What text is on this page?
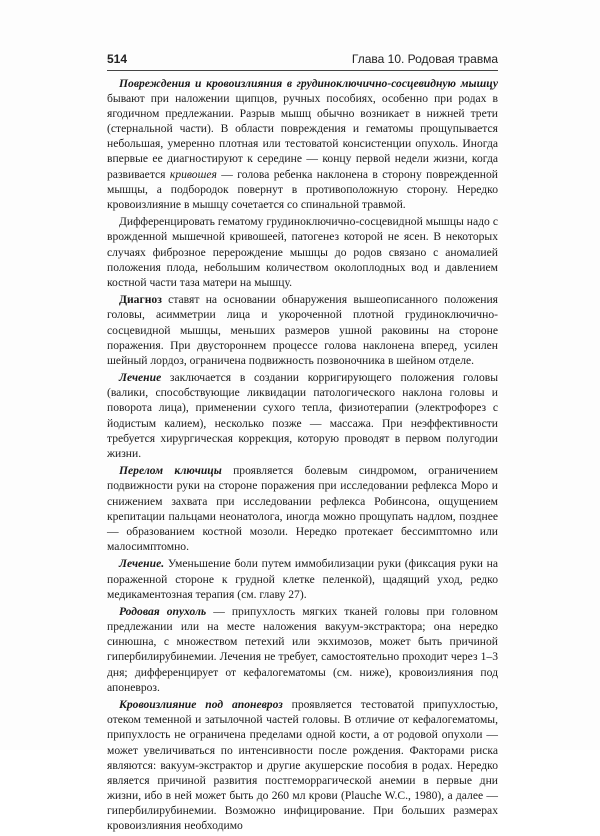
514	Глава 10. Родовая травма

Повреждения и кровоизлияния в грудиноключично-сосцевидную мышцу бывают при наложении щипцов, ручных пособиях, особенно при родах в ягодичном предлежании. Разрыв мышц обычно возникает в нижней трети (стернальной части). В области повреждения и гематомы прощупывается небольшая, умеренно плотная или тестоватой консистенции опухоль. Иногда впервые ее диагностируют к середине — концу первой недели жизни, когда развивается кривошея — голова ребенка наклонена в сторону поврежденной мышцы, а подбородок повернут в противоположную сторону. Нередко кровоизлияние в мышцу сочетается со спинальной травмой.

Дифференцировать гематому грудиноключично-сосцевидной мышцы надо с врожденной мышечной кривошеей, патогенез которой не ясен. В некоторых случаях фиброзное перерождение мышцы до родов связано с аномалией положения плода, небольшим количеством околоплодных вод и давлением костной части таза матери на мышцу.

Диагноз ставят на основании обнаружения вышеописанного положения головы, асимметрии лица и укороченной плотной грудиноключично-сосцевидной мышцы, меньших размеров ушной раковины на стороне поражения. При двустороннем процессе голова наклонена вперед, усилен шейный лордоз, ограничена подвижность позвоночника в шейном отделе.

Лечение заключается в создании корригирующего положения головы (валики, способствующие ликвидации патологического наклона головы и поворота лица), применении сухого тепла, физиотерапии (электрофорез с йодистым калием), несколько позже — массажа. При неэффективности требуется хирургическая коррекция, которую проводят в первом полугодии жизни.

Перелом ключицы проявляется болевым синдромом, ограничением подвижности руки на стороне поражения при исследовании рефлекса Моро и снижением захвата при исследовании рефлекса Робинсона, ощущением крепитации пальцами неонатолога, иногда можно прощупать надлом, позднее — образованием костной мозоли. Нередко протекает бессимптомно или малосимптомно.

Лечение. Уменьшение боли путем иммобилизации руки (фиксация руки на пораженной стороне к грудной клетке пеленкой), щадящий уход, редко медикаментозная терапия (см. главу 27).

Родовая опухоль — припухлость мягких тканей головы при головном предлежании или на месте наложения вакуум-экстрактора; она нередко синюшна, с множеством петехий или экхимозов, может быть причиной гипербилирубинемии. Лечения не требует, самостоятельно проходит через 1–3 дня; дифференцирует от кефалогематомы (см. ниже), кровоизлияния под апоневроз.

Кровоизлияние под апоневроз проявляется тестоватой припухлостью, отеком теменной и затылочной частей головы. В отличие от кефалогематомы, припухлость не ограничена пределами одной кости, а от родовой опухоли — может увеличиваться по интенсивности после рождения. Факторами риска являются: вакуум-экстрактор и другие акушерские пособия в родах. Нередко является причиной развития постгеморрагической анемии в первые дни жизни, ибо в ней может быть до 260 мл крови (Plauche W.C., 1980), а далее — гипербилирубинемии. Возможно инфицирование. При больших размерах кровоизлияния необходимо
